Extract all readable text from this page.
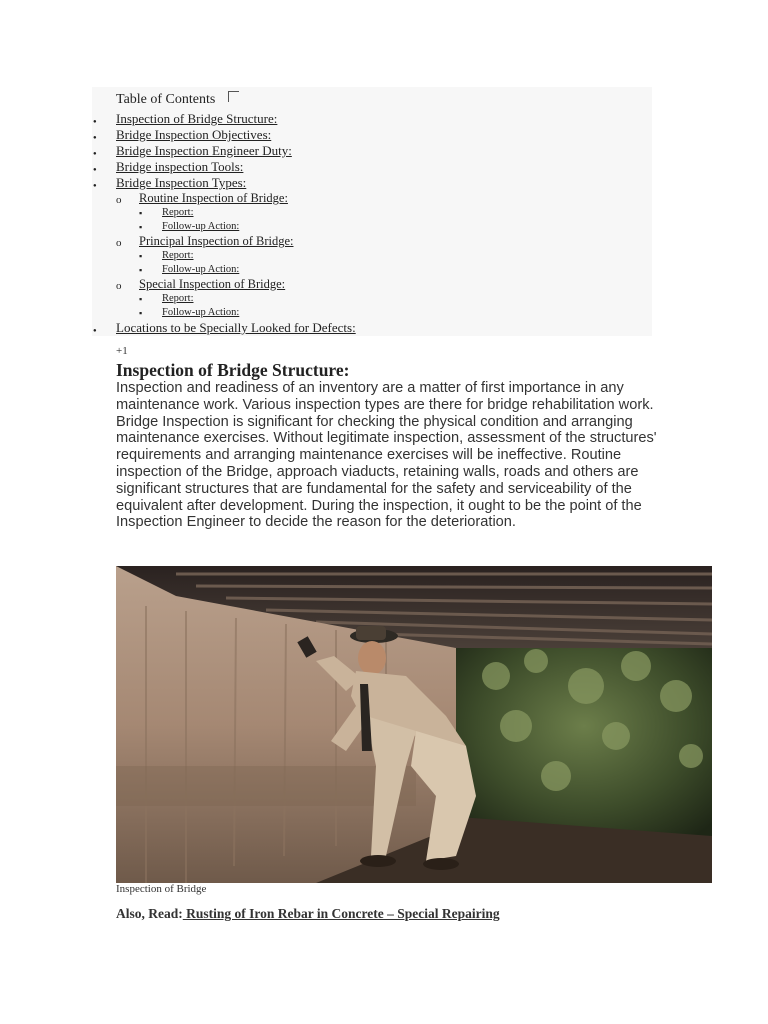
Table of Contents
●
Inspection of Bridge Structure:
●
Bridge Inspection Objectives:
●
Bridge Inspection Engineer Duty:
●
Bridge inspection Tools:
●
Bridge Inspection Types:
o
Routine Inspection of Bridge:
▪
Report:
▪
Follow-up Action:
o
Principal Inspection of Bridge:
▪
Report:
▪
Follow-up Action:
o
Special Inspection of Bridge:
▪
Report:
▪
Follow-up Action:
●
Locations to be Specially Looked for Defects:
+1
Inspection of Bridge Structure:

Inspection and readiness of an inventory are a matter of first importance in any maintenance work. Various inspection types are there for bridge rehabilitation work. Bridge Inspection is significant for checking the physical condition and arranging maintenance exercises. Without legitimate inspection, assessment of the structures' requirements and arranging maintenance exercises will be ineffective. Routine inspection of the Bridge, approach viaducts, retaining walls, roads and others are significant structures that are fundamental for the safety and serviceability of the equivalent after development. During the inspection, it ought to be the point of the Inspection Engineer to decide the reason for the deterioration.

Inspection of Bridge
Also, Read: Rusting of Iron Rebar in Concrete – Special Repairing
